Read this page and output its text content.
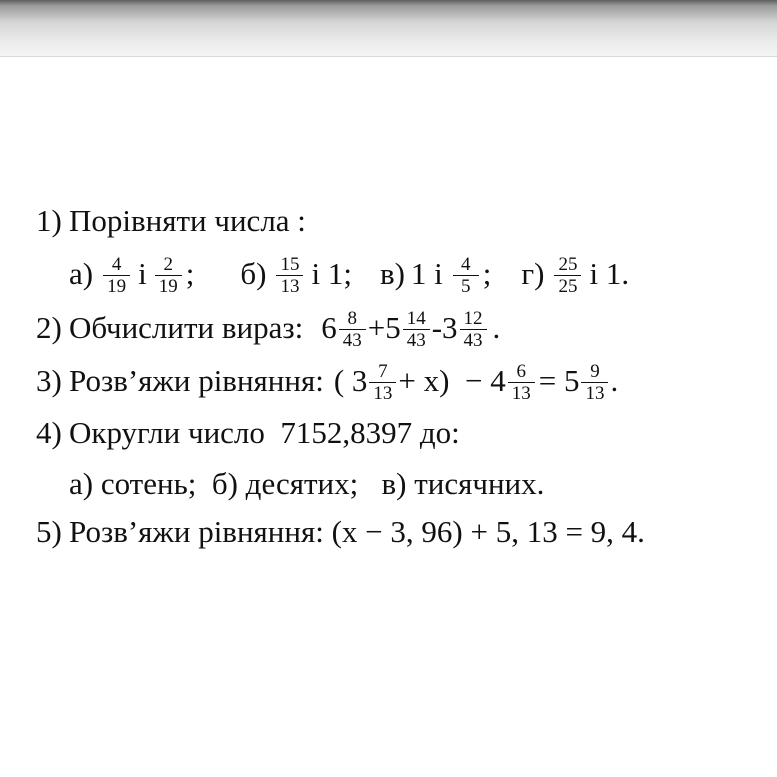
1) Порівняти числа :
$а) \frac{4}{19}$ і $\frac{2}{19}$ ; $б) \frac{15}{13}$ і 1; в) 1 і $\frac{4}{5}$ ; $г) \frac{25}{25}$ і 1.
2) Обчислити вираз: $6 \frac{8}{43} +5 \frac{14}{43} -3 \frac{12}{43}$ .
3) Розв’яжи рівняння: ( $3 \frac{7}{13} + x) - 4 \frac{6}{13} = 5 \frac{9}{13}$ .
4) Округли число  7152,8397 до:
а) сотень;  б) десятих;   в) тисячних.
5) Розв’яжи рівняння: (x − 3, 96) + 5, 13 = 9, 4.
